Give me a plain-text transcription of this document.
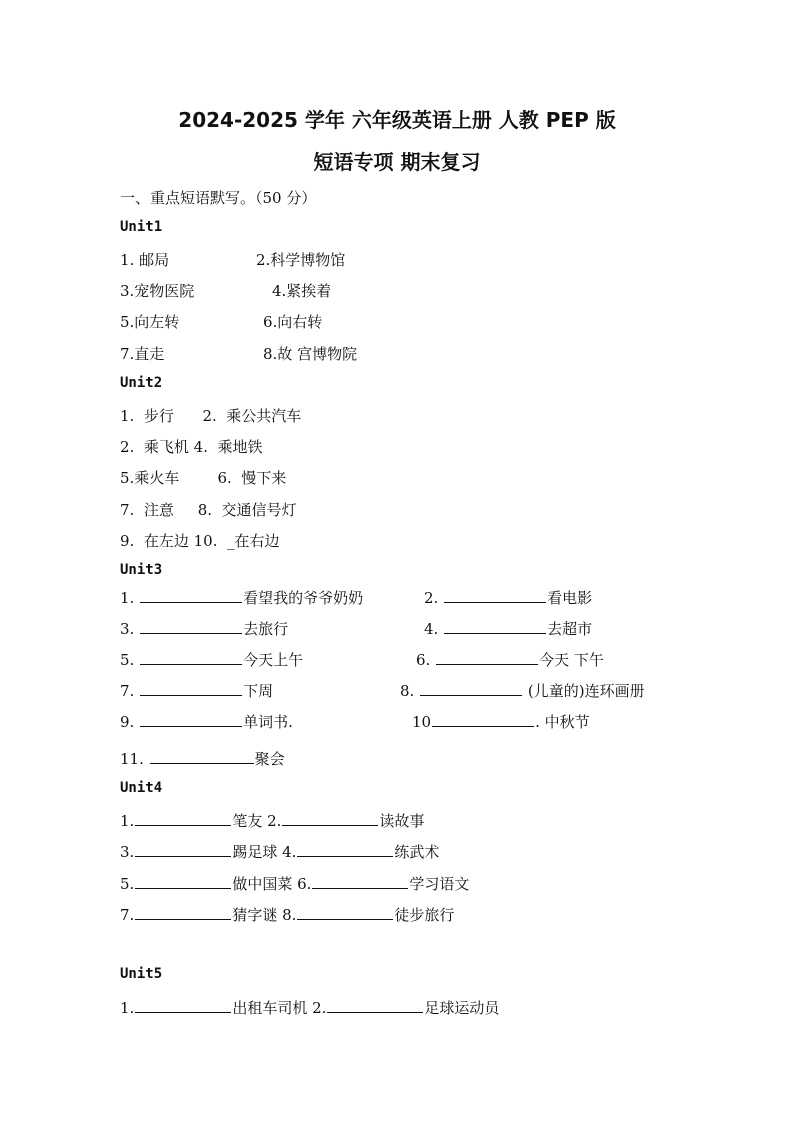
2024-2025 学年 六年级英语上册 人教 PEP 版
短语专项 期末复习
一、重点短语默写。（50 分）
Unit1
1. 邮局	2.科学博物馆
3.宠物医院	4.紧挨着
5.向左转	6.向右转
7.直走	8.故 宫博物院
Unit2
1.  步行      2.  乘公共汽车
2.  乘飞机 4.  乘地铁
5.乘火车        6.  慢下来
7.  注意     8.  交通信号灯
9.  在左边 10.  _在右边
Unit3
1.	看望我的爷爷奶奶	2.	看电影
3.	去旅行	4.	去超市
5.	今天上午	6.	今天 下午
7.	下周	8.	(儿童的)连环画册
9.	单词书.	10	. 中秋节
11.	聚会
Unit4
1.	笔友 2.	读故事
3.	踢足球 4.	练武术
5.	做中国菜 6.	学习语文
7.	猜字谜 8.	徒步旅行
Unit5
1.	出租车司机 2.	足球运动员
